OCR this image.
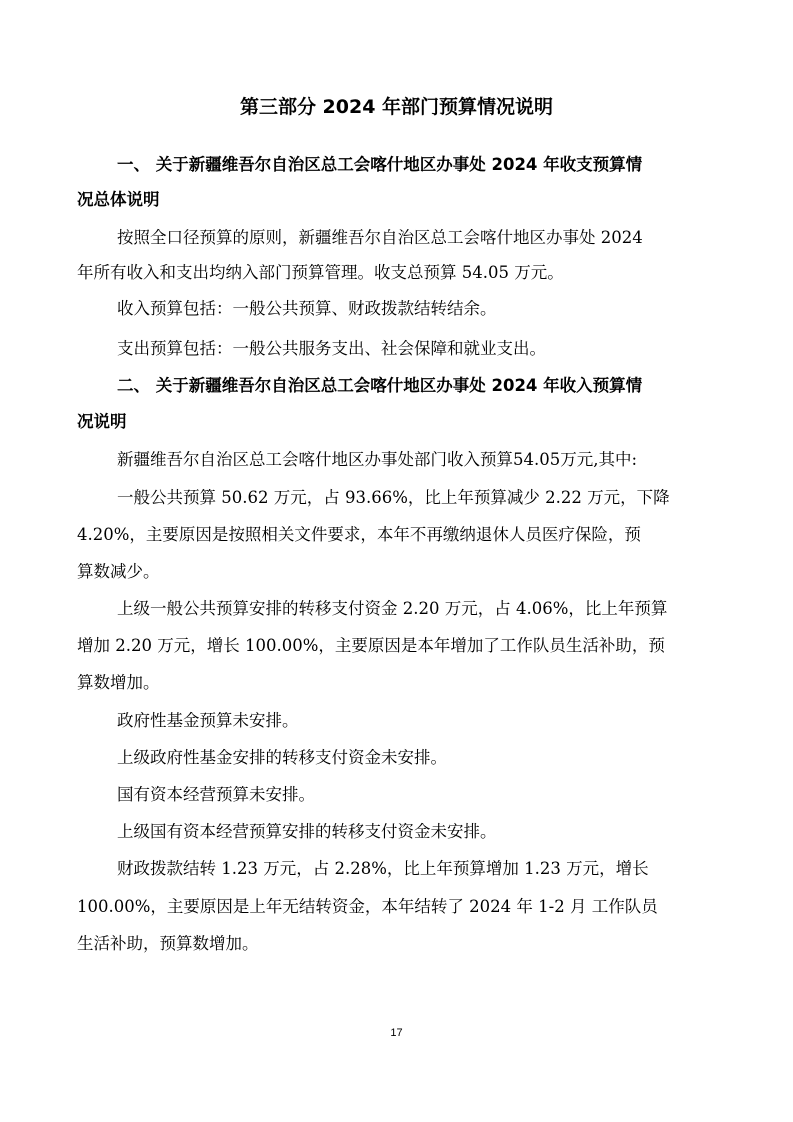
第三部分 2024 年部门预算情况说明
一、 关于新疆维吾尔自治区总工会喀什地区办事处 2024 年收支预算情
况总体说明
按照全口径预算的原则，新疆维吾尔自治区总工会喀什地区办事处 2024
年所有收入和支出均纳入部门预算管理。收支总预算 54.05 万元。
收入预算包括：一般公共预算、财政拨款结转结余。
支出预算包括：一般公共服务支出、社会保障和就业支出。
二、 关于新疆维吾尔自治区总工会喀什地区办事处 2024 年收入预算情
况说明
新疆维吾尔自治区总工会喀什地区办事处部门收入预算54.05万元,其中:
一般公共预算 50.62 万元，占 93.66%，比上年预算减少 2.22 万元，下降
4.20%，主要原因是按照相关文件要求，本年不再缴纳退休人员医疗保险，预
算数减少。
上级一般公共预算安排的转移支付资金 2.20 万元，占 4.06%，比上年预算
增加 2.20 万元，增长 100.00%，主要原因是本年增加了工作队员生活补助，预
算数增加。
政府性基金预算未安排。
上级政府性基金安排的转移支付资金未安排。
国有资本经营预算未安排。
上级国有资本经营预算安排的转移支付资金未安排。
财政拨款结转 1.23 万元，占 2.28%，比上年预算增加 1.23 万元，增长
100.00%，主要原因是上年无结转资金，本年结转了 2024 年 1-2 月 工作队员
生活补助，预算数增加。
17
